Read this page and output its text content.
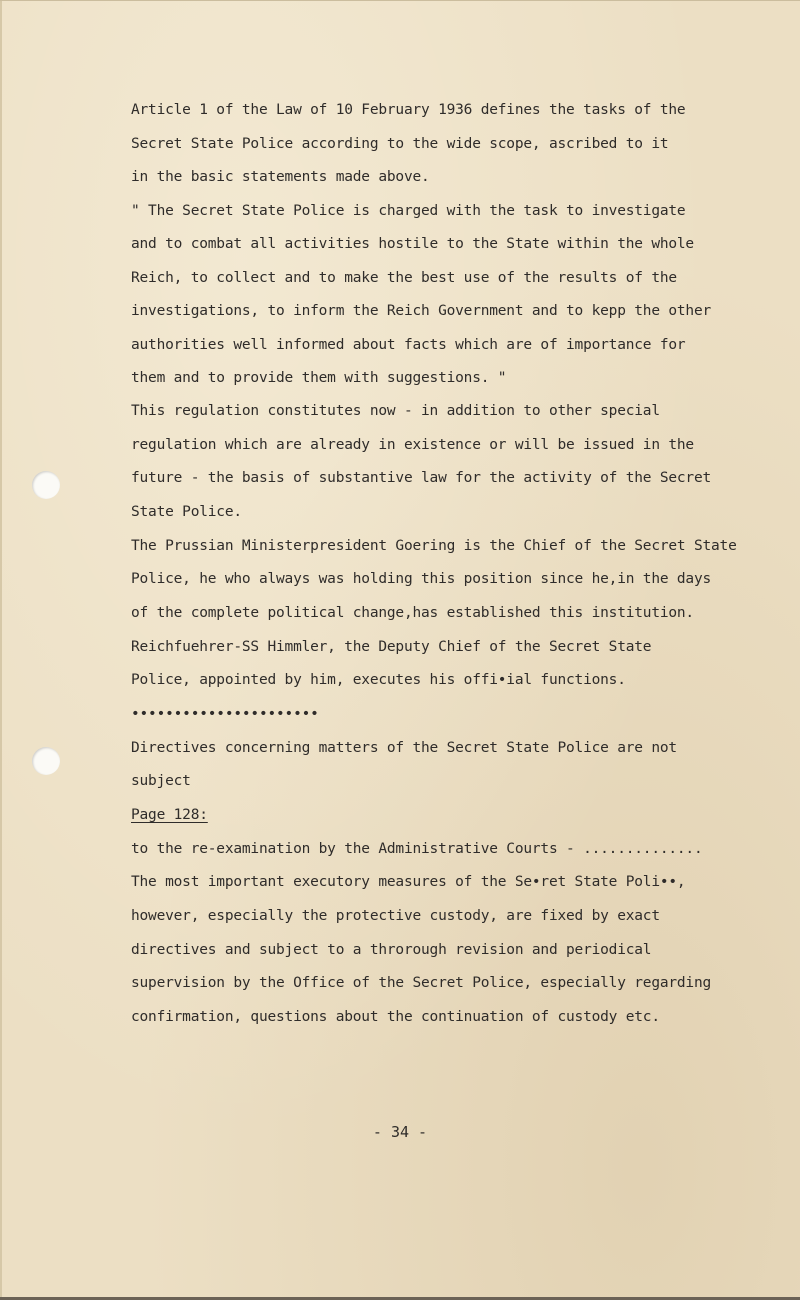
Article 1 of the Law of 10 February 1936 defines the tasks of the

Secret State Police according to the wide scope, ascribed to it

in the basic statements made above.

" The Secret State Police is charged with the task to investigate

and to combat all activities hostile to the State within the whole

Reich, to collect and to make the best use of the results of the

investigations, to inform the Reich Government and to kepp the other

authorities well informed about facts which are of importance for

them and to provide them with suggestions. "

This regulation constitutes now - in addition to other special

regulation which are already in existence or will be issued in the

future - the basis of substantive law for the activity of the Secret

State Police.

The Prussian Ministerpresident Goering is the Chief of the Secret State

Police, he who always was holding this position since he,in the days

of the complete political change,has established this institution.

Reichfuehrer-SS Himmler, the Deputy Chief of the Secret State

Police, appointed by him, executes his offi•ial functions.

••••••••••••••••••••••

Directives concerning matters of the Secret State Police are not

subject

Page 128:

to the re-examination by the Administrative Courts - ..............

The most important executory measures of the Se•ret State Poli••,

however, especially the protective custody, are fixed by exact

directives and subject to a throrough revision and periodical

supervision by the Office of the Secret Police, especially regarding

confirmation, questions about the continuation of custody etc.

- 34 -
